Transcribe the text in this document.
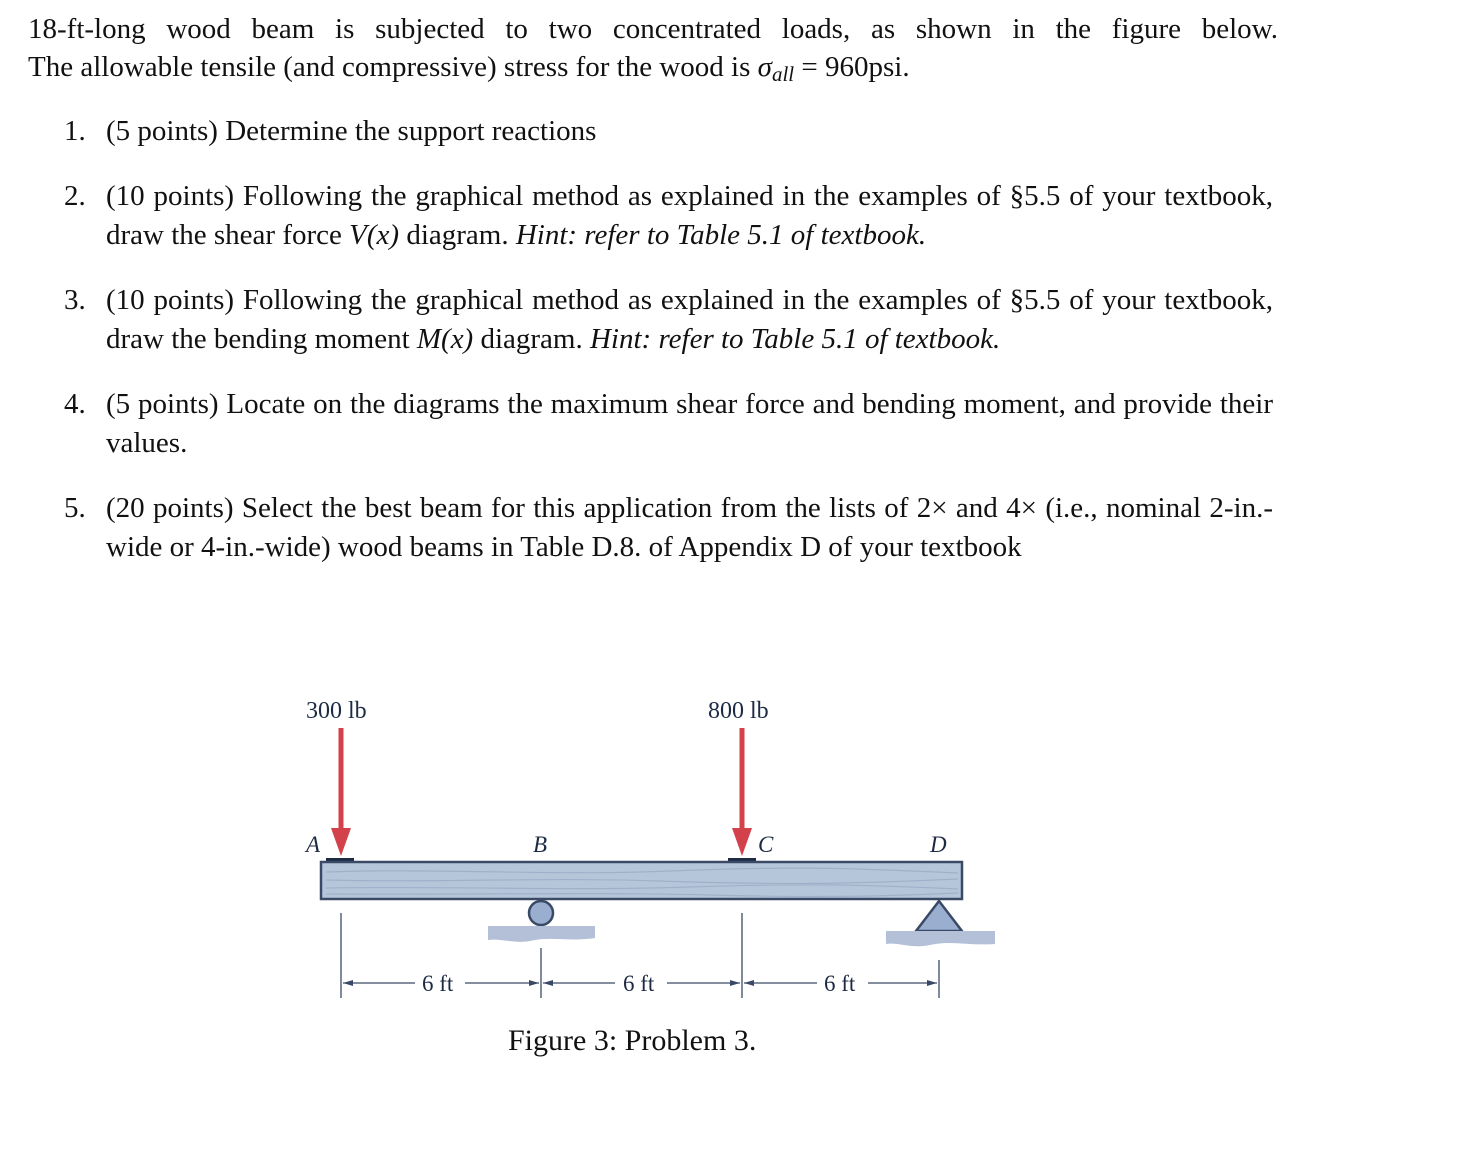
18-ft-long wood beam is subjected to two concentrated loads, as shown in the figure below.
The allowable tensile (and compressive) stress for the wood is $\sigma_{all} = 960psi$.
1. (5 points) Determine the support reactions
2. (10 points) Following the graphical method as explained in the examples of §5.5 of your textbook, draw the shear force V(x) diagram. Hint: refer to Table 5.1 of textbook.
3. (10 points) Following the graphical method as explained in the examples of §5.5 of your textbook, draw the bending moment M(x) diagram. Hint: refer to Table 5.1 of textbook.
4. (5 points) Locate on the diagrams the maximum shear force and bending moment, and provide their values.
5. (20 points) Select the best beam for this application from the lists of 2× and 4× (i.e., nominal 2-in.-wide or 4-in.-wide) wood beams in Table D.8. of Appendix D of your textbook
300 lb	800 lb
A	B	C	D
6 ft	6 ft	6 ft
Figure 3: Problem 3.
